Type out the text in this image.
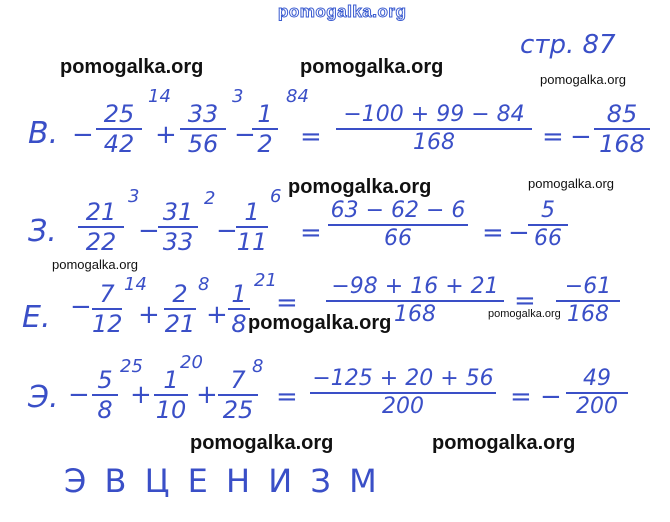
pomogalka.org
pomogalka.org	pomogalka.org
pomogalka.org
pomogalka.org	pomogalka.org
pomogalka.org
pomogalka.org	pomogalka.org
pomogalka.org	pomogalka.org
стр. 87
В. −
25
42
14
+
33
56
3
−
1
2
84
=
−100 + 99 − 84
168	= −
85
168
З.
21
22
3
−
31
33
2
−
1
11
6
=
63 − 62 − 6
66	= −
5
66
Е. − 7
12
14
+
2
21
8
+
1
8
21
=
−98 + 16 + 21
168	=	−61
168
Э. − 5
8
25
+ 1
10
20
+ 7
25
8
=
−125 + 20 + 56
200	= −
49
200
Э В Ц Е Н И З М
